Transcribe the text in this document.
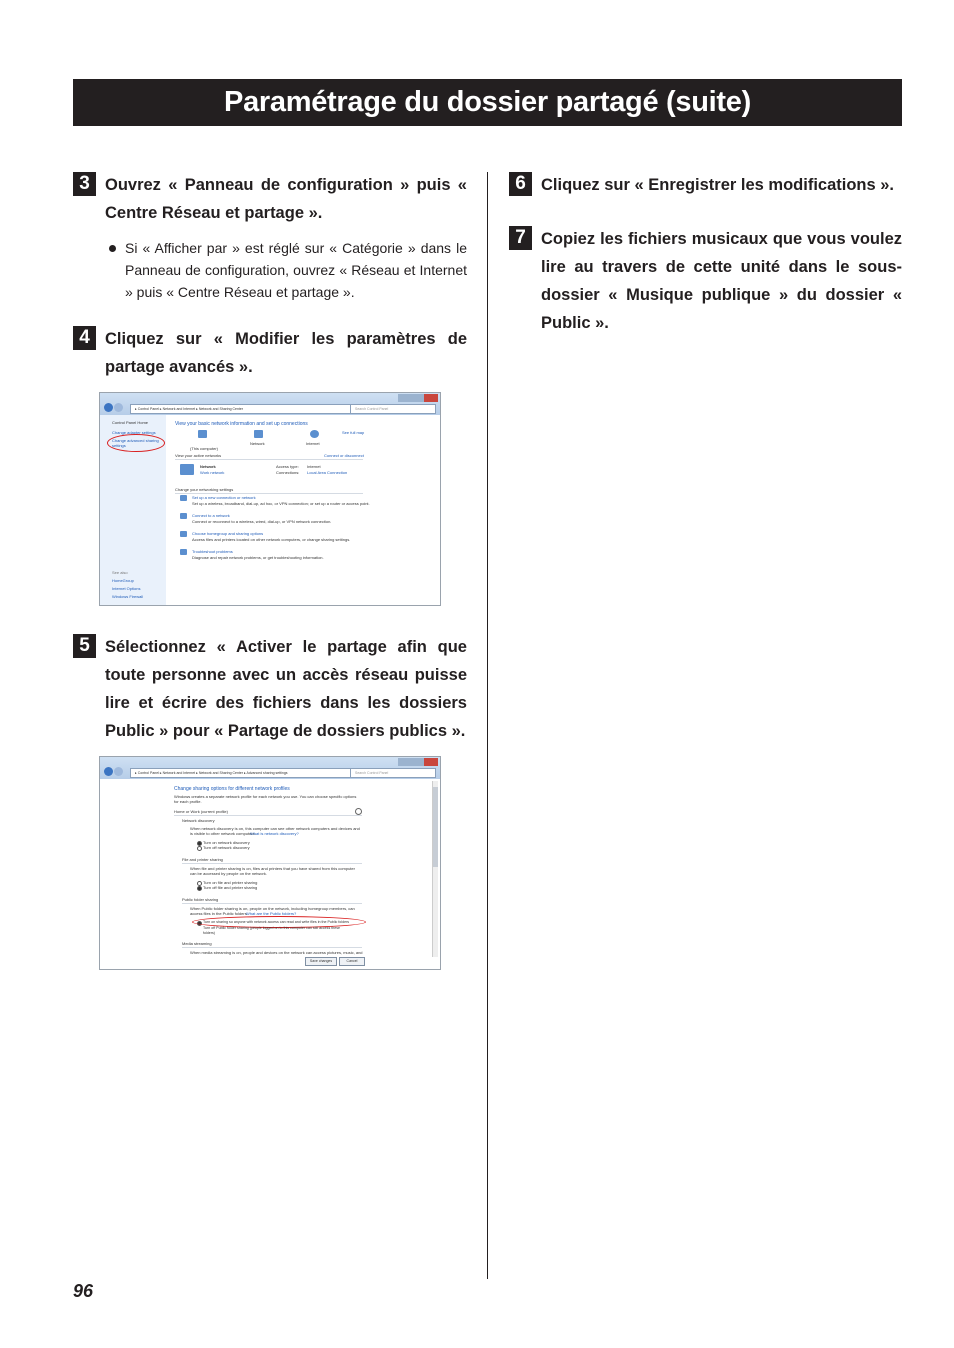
Paramétrage du dossier partagé (suite)
3 Ouvrez « Panneau de configuration » puis « Centre Réseau et partage ».
Si « Afficher par » est réglé sur « Catégorie » dans le Panneau de configuration, ouvrez « Réseau et Internet » puis « Centre Réseau et partage ».
4 Cliquez sur « Modifier les paramètres de partage avancés ».
▸ Control Panel ▸ Network and Internet ▸ Network and Sharing Center	Search Control Panel
Control Panel Home
Change adapter settings
Change advanced sharing settings
See also
HomeGroup
Internet Options
Windows Firewall
View your basic network information and set up connections
See full map
(This computer)
Network	Internet
View your active networks	Connect or disconnect
Network
Work network
Access type: Internet
Connections: Local Area Connection
Change your networking settings
Set up a new connection or network
Set up a wireless, broadband, dial-up, ad hoc, or VPN connection; or set up a router or access point.
Connect to a network
Connect or reconnect to a wireless, wired, dial-up, or VPN network connection.
Choose homegroup and sharing options
Access files and printers located on other network computers, or change sharing settings.
Troubleshoot problems
Diagnose and repair network problems, or get troubleshooting information.
5 Sélectionnez « Activer le partage afin que toute personne avec un accès réseau puisse lire et écrire des fichiers dans les dossiers Public » pour « Partage de dossiers publics ».
▸ Control Panel ▸ Network and Internet ▸ Network and Sharing Center ▸ Advanced sharing settings	Search Control Panel
Change sharing options for different network profiles
Windows creates a separate network profile for each network you use. You can choose specific options for each profile.
Home or Work (current profile)
Network discovery
When network discovery is on, this computer can see other network computers and devices and is visible to other network computers.
What is network discovery?
Turn on network discovery
Turn off network discovery
File and printer sharing
When file and printer sharing is on, files and printers that you have shared from this computer can be accessed by people on the network.
Turn on file and printer sharing
Turn off file and printer sharing
Public folder sharing
When Public folder sharing is on, people on the network, including homegroup members, can access files in the Public folders.
What are the Public folders?
Turn on sharing so anyone with network access can read and write files in the Public folders
Turn off Public folder sharing (people logged on to this computer can still access these folders)
Media streaming
When media streaming is on, people and devices on the network can access pictures, music, and
Save changes	Cancel
6 Cliquez sur « Enregistrer les modifications ».
7 Copiez les fichiers musicaux que vous voulez lire au travers de cette unité dans le sous-dossier « Musique publique » du dossier « Public ».
96
